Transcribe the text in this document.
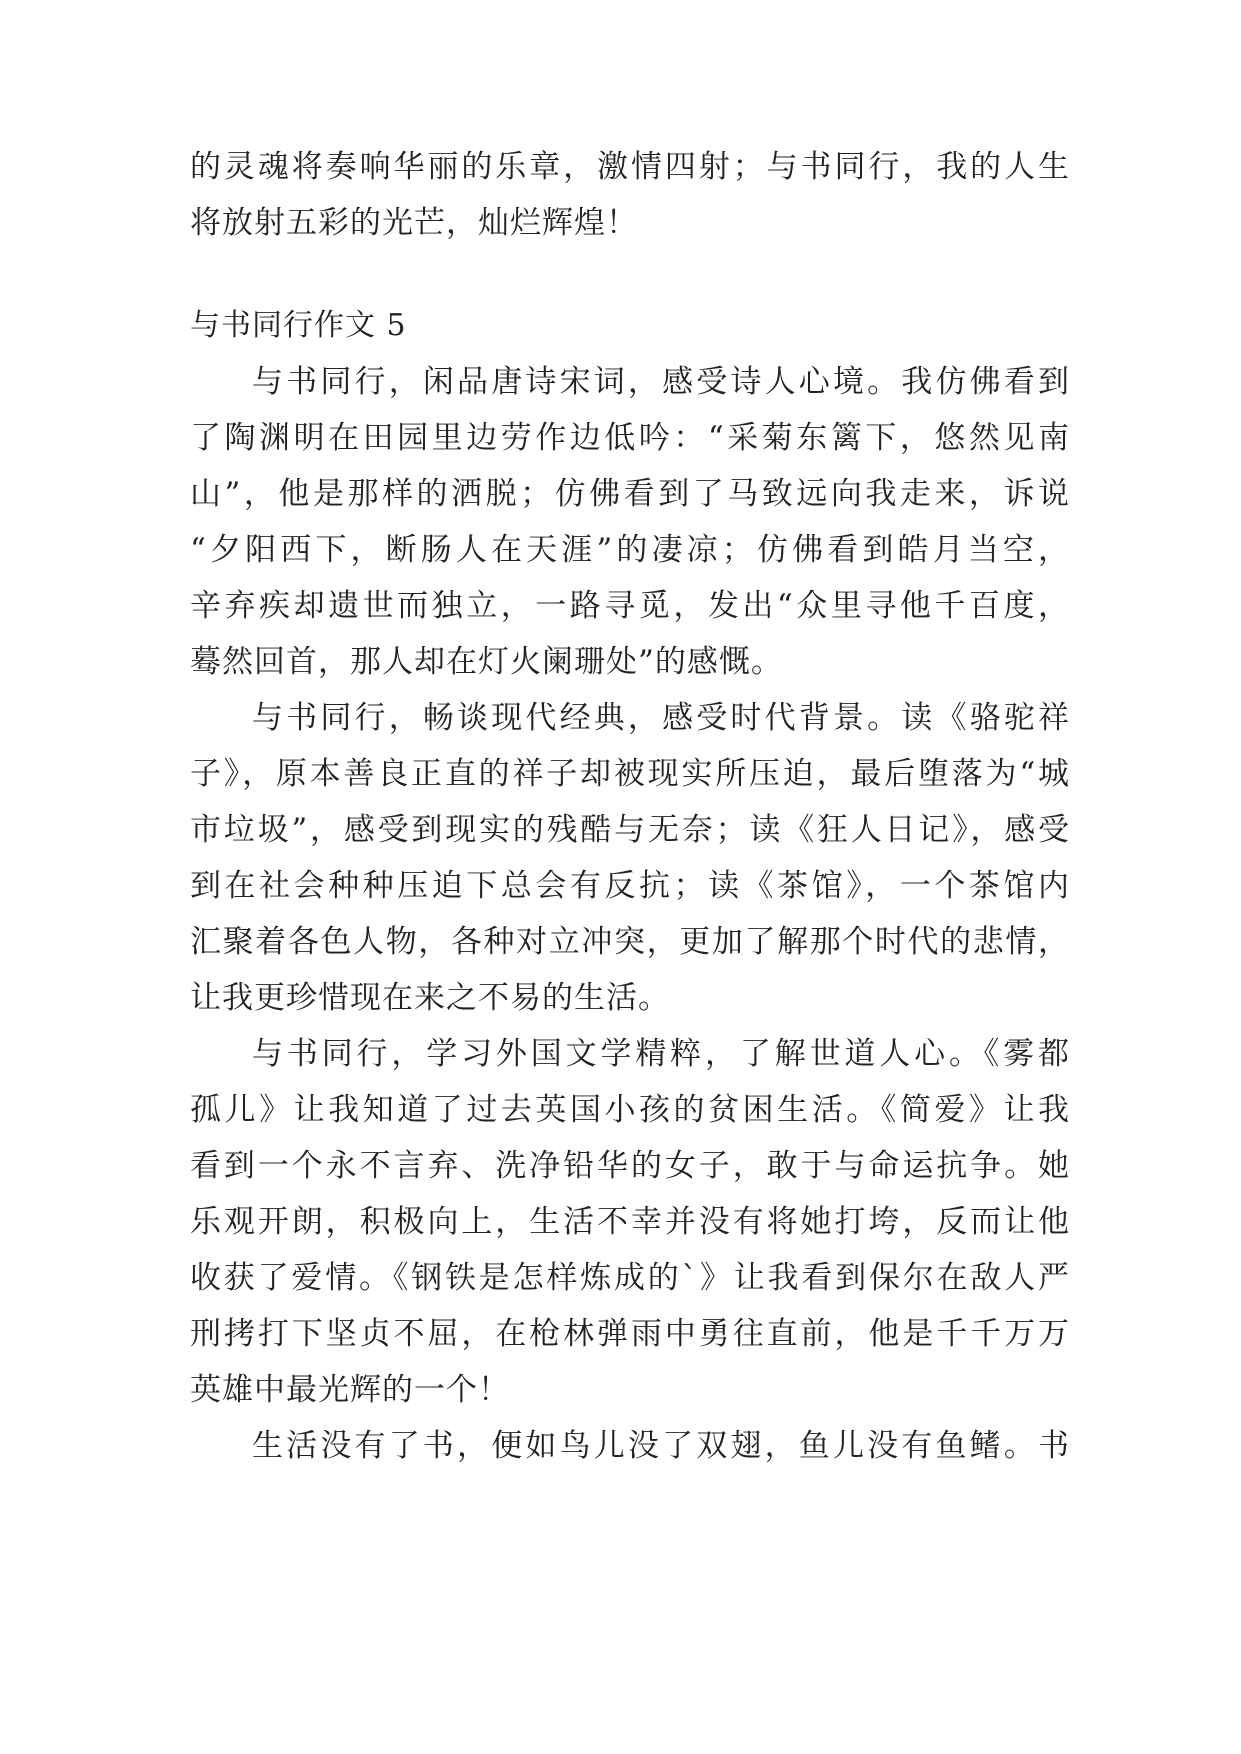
的灵魂将奏响华丽的乐章，激情四射；与书同行，我的人生
将放射五彩的光芒，灿烂辉煌！
与书同行作文 5
与书同行，闲品唐诗宋词，感受诗人心境。我仿佛看到
了陶渊明在田园里边劳作边低吟：“采菊东篱下，悠然见南
山”，他是那样的洒脱；仿佛看到了马致远向我走来，诉说
“夕阳西下，断肠人在天涯”的凄凉；仿佛看到皓月当空，
辛弃疾却遗世而独立，一路寻觅，发出“众里寻他千百度，
蓦然回首，那人却在灯火阑珊处”的感慨。
与书同行，畅谈现代经典，感受时代背景。读《骆驼祥
子》，原本善良正直的祥子却被现实所压迫，最后堕落为“城
市垃圾”，感受到现实的残酷与无奈；读《狂人日记》，感受
到在社会种种压迫下总会有反抗；读《茶馆》，一个茶馆内
汇聚着各色人物，各种对立冲突，更加了解那个时代的悲情，
让我更珍惜现在来之不易的生活。
与书同行，学习外国文学精粹，了解世道人心。《雾都
孤儿》让我知道了过去英国小孩的贫困生活。《简爱》让我
看到一个永不言弃、洗净铅华的女子，敢于与命运抗争。她
乐观开朗，积极向上，生活不幸并没有将她打垮，反而让他
收获了爱情。《钢铁是怎样炼成的`》让我看到保尔在敌人严
刑拷打下坚贞不屈，在枪林弹雨中勇往直前，他是千千万万
英雄中最光辉的一个！
生活没有了书，便如鸟儿没了双翅，鱼儿没有鱼鳍。书
